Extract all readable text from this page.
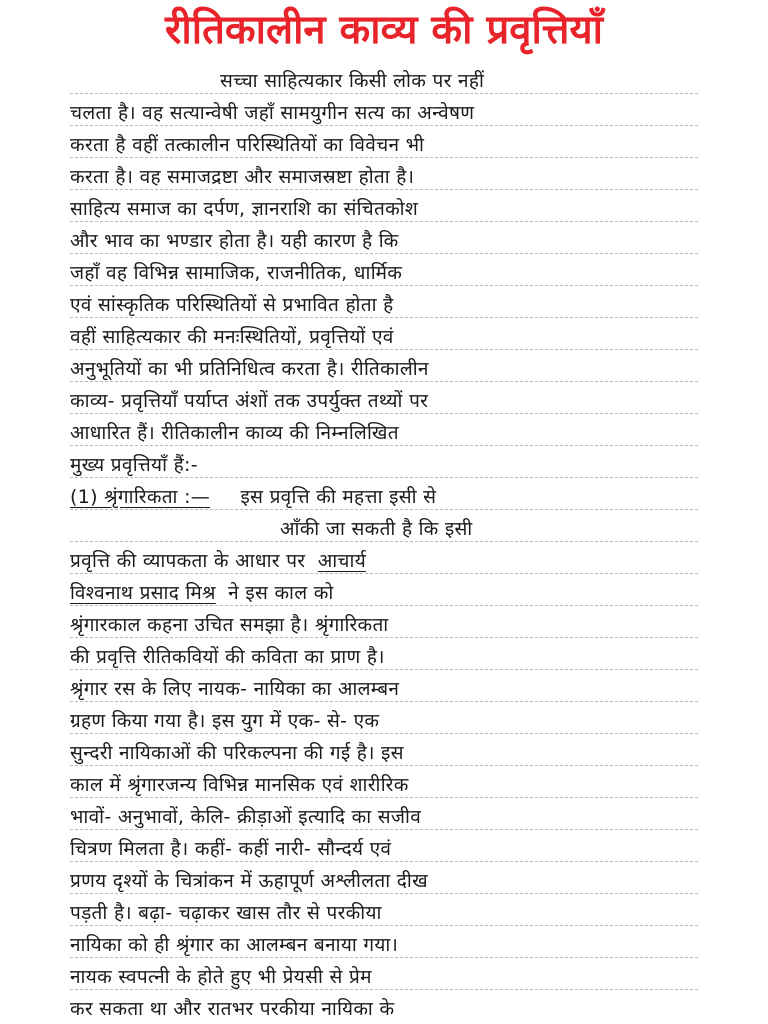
रीतिकालीन काव्य की प्रवृत्तियाँ
सच्चा साहित्यकार किसी लोक पर नहीं
चलता है। वह सत्यान्वेषी जहाँ सामयुगीन सत्य का अन्वेषण
करता है वहीं तत्कालीन परिस्थितियों का विवेचन भी
करता है। वह समाजद्रष्टा और समाजस्रष्टा होता है।
साहित्य समाज का दर्पण, ज्ञानराशि का संचितकोश
और भाव का भण्डार होता है। यही कारण है कि
जहाँ वह विभिन्न सामाजिक, राजनीतिक, धार्मिक
एवं सांस्कृतिक परिस्थितियों से प्रभावित होता है
वहीं साहित्यकार की मनःस्थितियों, प्रवृत्तियों एवं
अनुभूतियों का भी प्रतिनिधित्व करता है। रीतिकालीन
काव्य- प्रवृत्तियाँ पर्याप्त अंशों तक उपर्युक्त तथ्यों पर
आधारित हैं। रीतिकालीन काव्य की निम्नलिखित
मुख्य प्रवृत्तियाँ हैं:-
(1) श्रृंगारिकता :— इस प्रवृत्ति की महत्ता इसी से
आँकी जा सकती है कि इसी
प्रवृत्ति की व्यापकता के आधार पर आचार्य
विश्वनाथ प्रसाद मिश्र ने इस काल को
श्रृंगारकाल कहना उचित समझा है। श्रृंगारिकता
की प्रवृत्ति रीतिकवियों की कविता का प्राण है।
श्रृंगार रस के लिए नायक- नायिका का आलम्बन
ग्रहण किया गया है। इस युग में एक- से- एक
सुन्दरी नायिकाओं की परिकल्पना की गई है। इस
काल में श्रृंगारजन्य विभिन्न मानसिक एवं शारीरिक
भावों- अनुभावों, केलि- क्रीड़ाओं इत्यादि का सजीव
चित्रण मिलता है। कहीं- कहीं नारी- सौन्दर्य एवं
प्रणय दृश्यों के चित्रांकन में ऊहापूर्ण अश्लीलता दीख
पड़ती है। बढ़ा- चढ़ाकर खास तौर से परकीया
नायिका को ही श्रृंगार का आलम्बन बनाया गया।
नायक स्वपत्नी के होते हुए भी प्रेयसी से प्रेम
कर सकता था और रातभर परकीया नायिका के
